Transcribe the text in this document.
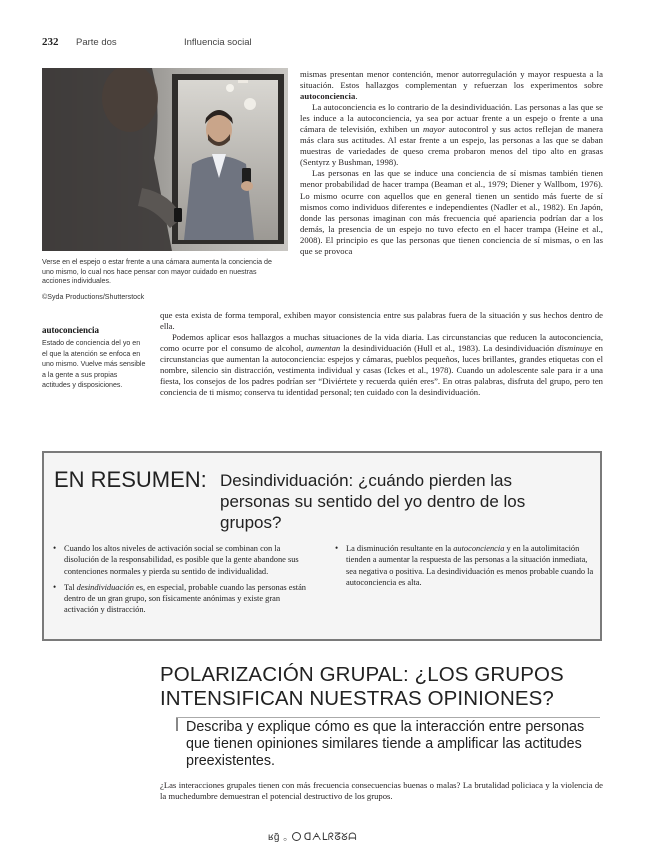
232 Parte dos	Influencia social
Verse en el espejo o estar frente a una cámara aumenta la conciencia de uno mismo, lo cual nos hace pensar con mayor cuidado en nuestras acciones individuales.
©Syda Productions/Shutterstock
autoconciencia
Estado de conciencia del yo en el que la atención se enfoca en uno mismo. Vuelve más sensible a la gente a sus propias actitudes y disposiciones.

mismas presentan menor contención, menor autorregulación y mayor respuesta a la situación. Estos hallazgos complementan y refuerzan los experimentos sobre autoconciencia.

La autoconciencia es lo contrario de la desindividuación. Las personas a las que se les induce a la autoconciencia, ya sea por actuar frente a un espejo o frente a una cámara de televisión, exhiben un mayor autocontrol y sus actos reflejan de manera más clara sus actitudes. Al estar frente a un espejo, las personas a las que se daban muestras de variedades de queso crema probaron menos del tipo alto en grasas (Sentyrz y Bushman, 1998).

Las personas en las que se induce una conciencia de sí mismas también tienen menor probabilidad de hacer trampa (Beaman et al., 1979; Diener y Wallbom, 1976). Lo mismo ocurre con aquellos que en general tienen un sentido más fuerte de sí mismos como individuos diferentes e independientes (Nadler et al., 1982). En Japón, donde las personas imaginan con más frecuencia qué apariencia podrían dar a los demás, la presencia de un espejo no tuvo efecto en el hacer trampa (Heine et al., 2008). El principio es que las personas que tienen conciencia de sí mismas, o en las que se provoca

que esta exista de forma temporal, exhiben mayor consistencia entre sus palabras fuera de la situación y sus hechos dentro de ella.

Podemos aplicar esos hallazgos a muchas situaciones de la vida diaria. Las circunstancias que reducen la autoconciencia, como ocurre por el consumo de alcohol, aumentan la desindividuación (Hull et al., 1983). La desindividuación disminuye en circunstancias que aumentan la autoconciencia: espejos y cámaras, pueblos pequeños, luces brillantes, grandes etiquetas con el nombre, silencio sin distracción, vestimenta individual y casas (Ickes et al., 1978). Cuando un adolescente sale para ir a una fiesta, los consejos de los padres podrían ser “Diviértete y recuerda quién eres”. En otras palabras, disfruta del grupo, pero ten conciencia de ti mismo; conserva tu identidad personal; ten cuidado con la desindividuación.

EN RESUMEN: Desindividuación: ¿cuándo pierden las personas su sentido del yo dentro de los grupos?
• Cuando los altos niveles de activación social se combinan con la disolución de la responsabilidad, es posible que la gente abandone sus contenciones normales y pierda su sentido de individualidad.
• Tal desindividuación es, en especial, probable cuando las personas están dentro de un gran grupo, son físicamente anónimas y existe gran activación y distracción.
• La disminución resultante en la autoconciencia y en la autolimitación tienden a aumentar la respuesta de las personas a la situación inmediata, sea negativa o positiva. La desindividuación es menos probable cuando la autoconciencia es alta.
POLARIZACIÓN GRUPAL: ¿LOS GRUPOS INTENSIFICAN NUESTRAS OPINIONES?
Describa y explique cómo es que la interacción entre personas que tienen opiniones similares tiende a amplificar las actitudes preexistentes.
¿Las interacciones grupales tienen con más frecuencia consecuencias buenas o malas? La brutalidad policiaca y la violencia de la muchedumbre demuestran el potencial destructivo de los grupos.
ʁg̃ ｡ ᗡᗅᒪᖇᘔᘜᗩ
